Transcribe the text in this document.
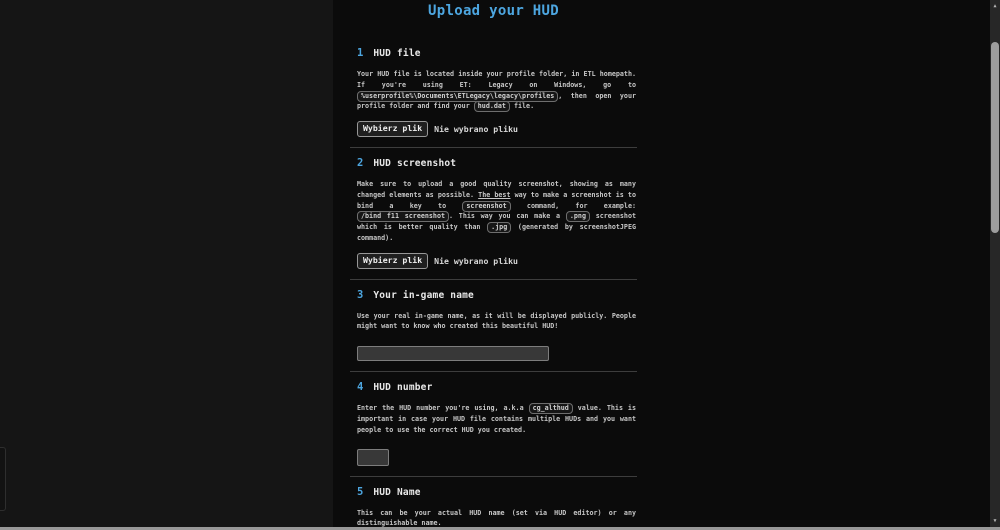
Upload your HUD
1 HUD file

Your HUD file is located inside your profile folder, in ETL homepath. If you're using ET: Legacy on Windows, go to %userprofile%\Documents\ETLegacy\legacy\profiles , then open your profile folder and find your hud.dat file.

Wybierz plik	Nie wybrano pliku
2 HUD screenshot

Make sure to upload a good quality screenshot, showing as many changed elements as possible. The best way to make a screenshot is to bind a key to screenshot command, for example: /bind f11 screenshot . This way you can make a .png screenshot which is better quality than .jpg (generated by screenshotJPEG command).

Wybierz plik	Nie wybrano pliku
3 Your in-game name

Use your real in-game name, as it will be displayed publicly. People might want to know who created this beautiful HUD!

4 HUD number

Enter the HUD number you're using, a.k.a cg_althud value. This is important in case your HUD file contains multiple HUDs and you want people to use the correct HUD you created.

5 HUD Name

This can be your actual HUD name (set via HUD editor) or any distinguishable name.

▲
▼
